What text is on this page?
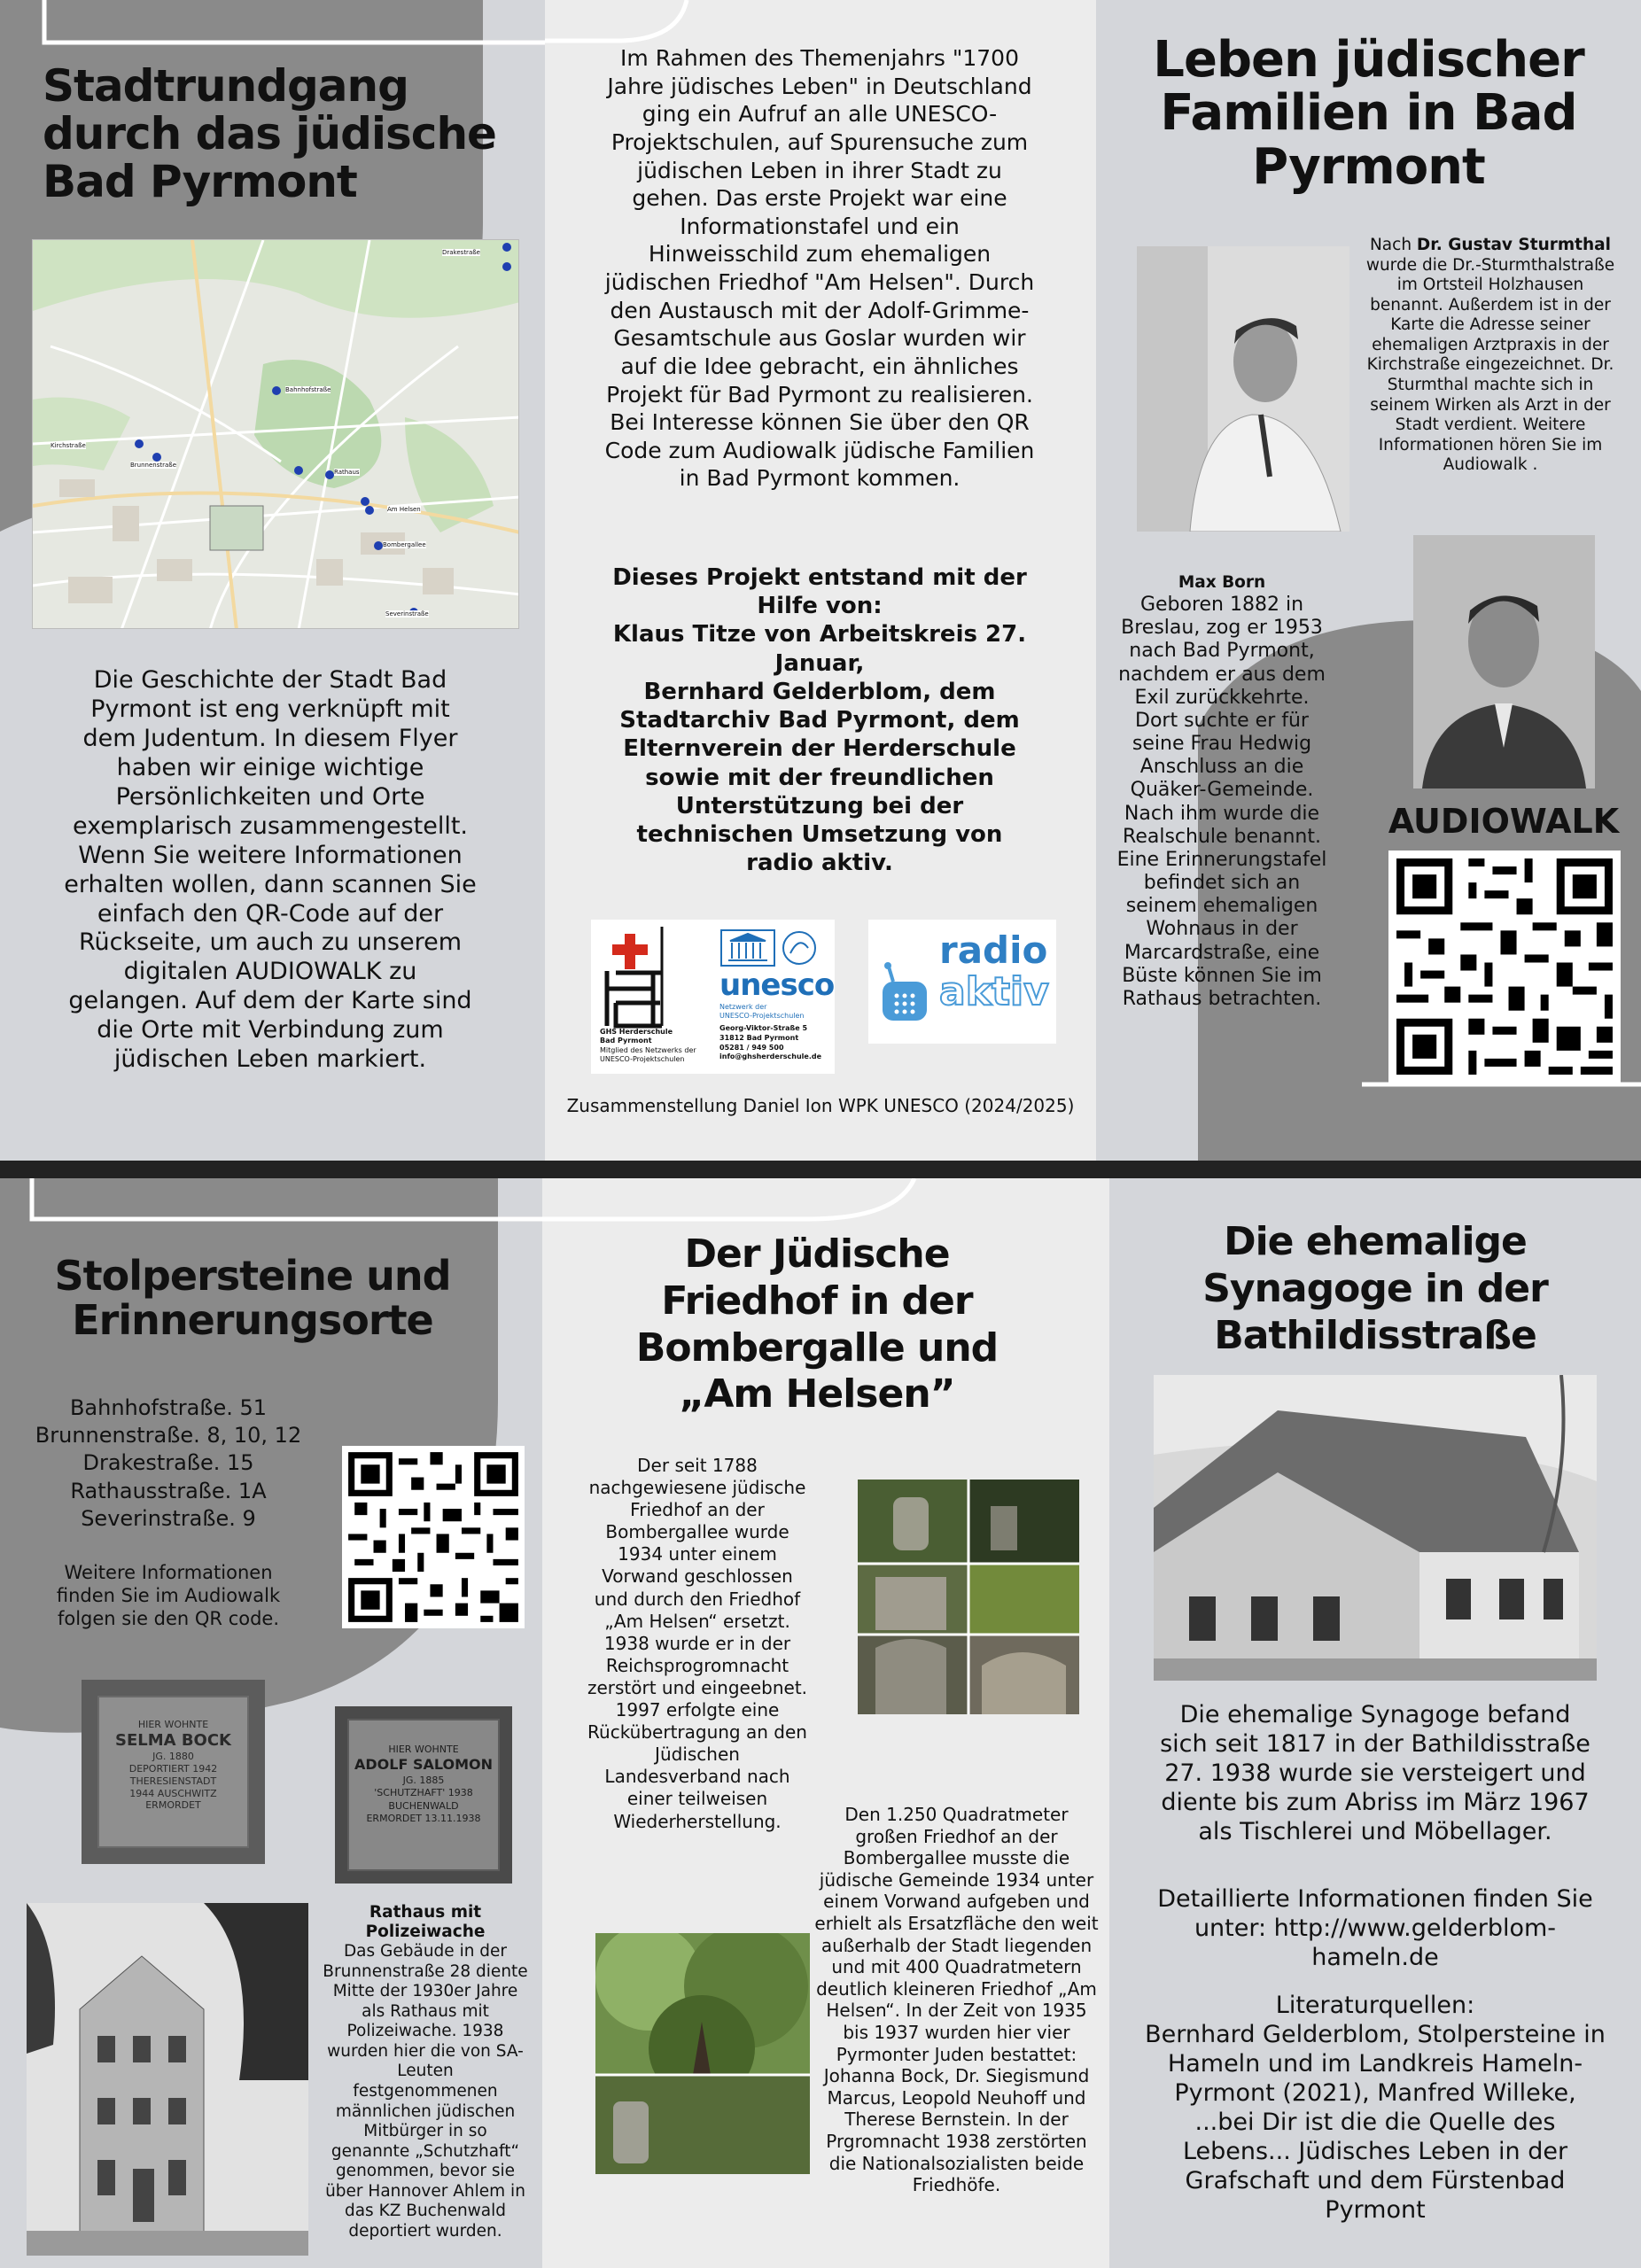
Stadtrundgang
durch das jüdische
Bad Pyrmont
Bahnhofstraße
Kirchstraße
Rathaus
Brunnenstraße
Am Helsen
Bombergallee
Severinstraße
Drakestraße
Die Geschichte der Stadt Bad Pyrmont ist eng verknüpft mit dem Judentum. In diesem Flyer haben wir einige wichtige Persönlichkeiten und Orte exemplarisch zusammengestellt. Wenn Sie weitere Informationen erhalten wollen, dann scannen Sie einfach den QR-Code auf der Rückseite, um auch zu unserem digitalen AUDIOWALK zu gelangen. Auf dem der Karte sind die Orte mit Verbindung zum jüdischen Leben markiert.
Im Rahmen des Themenjahrs "1700 Jahre jüdisches Leben" in Deutschland ging ein Aufruf an alle UNESCO-Projektschulen, auf Spurensuche zum jüdischen Leben in ihrer Stadt zu gehen. Das erste Projekt war eine Informationstafel und ein Hinweisschild zum ehemaligen jüdischen Friedhof "Am Helsen". Durch den Austausch mit der Adolf-Grimme-Gesamtschule aus Goslar wurden wir auf die Idee gebracht, ein ähnliches Projekt für Bad Pyrmont zu realisieren. Bei Interesse können Sie über den QR Code zum Audiowalk jüdische Familien in Bad Pyrmont kommen.
Dieses Projekt entstand mit der Hilfe von:
Klaus Titze von Arbeitskreis 27. Januar,
Bernhard Gelderblom, dem Stadtarchiv Bad Pyrmont, dem Elternverein der Herderschule
sowie mit der freundlichen Unterstützung bei der technischen Umsetzung von radio aktiv.
GHS Herderschule
Bad Pyrmont
Mitglied des Netzwerks der
UNESCO-Projektschulen
unesco
Netzwerk der
UNESCO-Projektschulen
Georg-Viktor-Straße 5
31812 Bad Pyrmont
05281 / 949 500
info@ghsherderschule.de
radio
aktiv
Zusammenstellung Daniel Ion WPK UNESCO (2024/2025)
Leben jüdischer
Familien in Bad
Pyrmont
Nach Dr. Gustav Sturmthal wurde die Dr.-Sturmthalstraße im Ortsteil Holzhausen benannt. Außerdem ist in der Karte die Adresse seiner ehemaligen Arztpraxis in der Kirchstraße eingezeichnet. Dr. Sturmthal machte sich in seinem Wirken als Arzt in der Stadt verdient. Weitere Informationen hören Sie im Audiowalk .
Max Born
Geboren 1882 in Breslau, zog er 1953 nach Bad Pyrmont, nachdem er aus dem Exil zurückkehrte. Dort suchte er für seine Frau Hedwig Anschluss an die Quäker-Gemeinde. Nach ihm wurde die Realschule benannt. Eine Erinnerungstafel befindet sich an seinem ehemaligen Wohnaus in der Marcardstraße, eine Büste können Sie im Rathaus betrachten.
AUDIOWALK
Stolpersteine und
Erinnerungsorte
Bahnhofstraße. 51
Brunnenstraße. 8, 10, 12
Drakestraße. 15
Rathausstraße. 1A
Severinstraße. 9
Weitere Informationen finden Sie im Audiowalk folgen sie den QR code.
HIER WOHNTE
SELMA BOCK
JG. 1880
DEPORTIERT 1942
THERESIENSTADT
1944 AUSCHWITZ
ERMORDET
HIER WOHNTE
ADOLF SALOMON
JG. 1885
'SCHUTZHAFT' 1938
BUCHENWALD
ERMORDET 13.11.1938
Rathaus mit Polizeiwache
Das Gebäude in der Brunnenstraße 28 diente Mitte der 1930er Jahre als Rathaus mit Polizeiwache. 1938 wurden hier die von SA-Leuten festgenommenen männlichen jüdischen Mitbürger in so genannte „Schutzhaft“ genommen, bevor sie über Hannover Ahlem in das KZ Buchenwald deportiert wurden.
Der Jüdische
Friedhof in der
Bombergalle und
„Am Helsen”
Der seit 1788 nachgewiesene jüdische Friedhof an der Bombergallee wurde 1934 unter einem Vorwand geschlossen und durch den Friedhof „Am Helsen“ ersetzt. 1938 wurde er in der Reichsprogromnacht zerstört und eingeebnet. 1997 erfolgte eine Rückübertragung an den Jüdischen Landesverband nach einer teilweisen Wiederherstellung.	Den 1.250 Quadratmeter großen Friedhof an der Bombergallee musste die jüdische Gemeinde 1934 unter einem Vorwand aufgeben und erhielt als Ersatzfläche den weit außerhalb der Stadt liegenden und mit 400 Quadratmetern deutlich kleineren Friedhof „Am Helsen“. In der Zeit von 1935 bis 1937 wurden hier vier Pyrmonter Juden bestattet: Johanna Bock, Dr. Siegismund Marcus, Leopold Neuhoff und Therese Bernstein. In der Prgromnacht 1938 zerstörten die Nationalsozialisten beide Friedhöfe.
Die ehemalige
Synagoge in der
Bathildisstraße
Die ehemalige Synagoge befand sich seit 1817 in der Bathildisstraße 27. 1938 wurde sie versteigert und diente bis zum Abriss im März 1967 als Tischlerei und Möbellager.
Detaillierte Informationen finden Sie unter: http://www.gelderblom-hameln.de
Literaturquellen:
Bernhard Gelderblom, Stolpersteine in Hameln und im Landkreis Hameln-Pyrmont (2021), Manfred Willeke, ...bei Dir ist die die Quelle des Lebens... Jüdisches Leben in der Grafschaft und dem Fürstenbad Pyrmont
